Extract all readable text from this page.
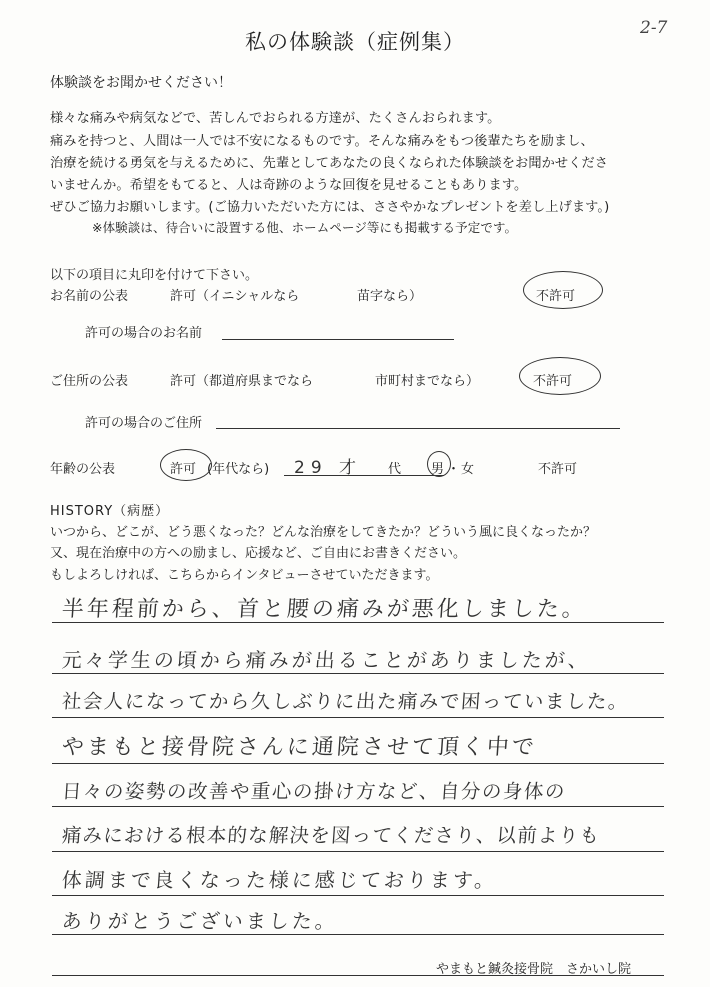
2-7
私の体験談（症例集）
体験談をお聞かせください！
様々な痛みや病気などで、苦しんでおられる方達が、たくさんおられます。
痛みを持つと、人間は一人では不安になるものです。そんな痛みをもつ後輩たちを励まし、
治療を続ける勇気を与えるために、先輩としてあなたの良くなられた体験談をお聞かせくださ
いませんか。希望をもてると、人は奇跡のような回復を見せることもあります。
ぜひご協力お願いします。(ご協力いただいた方には、ささやかなプレゼントを差し上げます。)
※体験談は、待合いに設置する他、ホームページ等にも掲載する予定です。
以下の項目に丸印を付けて下さい。
お名前の公表	許可（イニシャルなら	苗字なら）	不許可
許可の場合のお名前
ご住所の公表	許可（都道府県までなら	市町村までなら）	不許可
許可の場合のご住所
年齢の公表	許可 (年代なら) 29 才 代 男 ・ 女	不許可
HISTORY（病歴）
いつから、どこが、どう悪くなった？どんな治療をしてきたか？どういう風に良くなったか？
又、現在治療中の方への励まし、応援など、ご自由にお書きください。
もしよろしければ、こちらからインタビューさせていただきます。
半年程前から、首と腰の痛みが悪化しました。
元々学生の頃から痛みが出ることがありましたが、
社会人になってから久しぶりに出た痛みで困っていました。
やまもと接骨院さんに通院させて頂く中で
日々の姿勢の改善や重心の掛け方など、自分の身体の
痛みにおける根本的な解決を図ってくださり、以前よりも
体調まで良くなった様に感じております。
ありがとうございました。
やまもと鍼灸接骨院　さかいし院
